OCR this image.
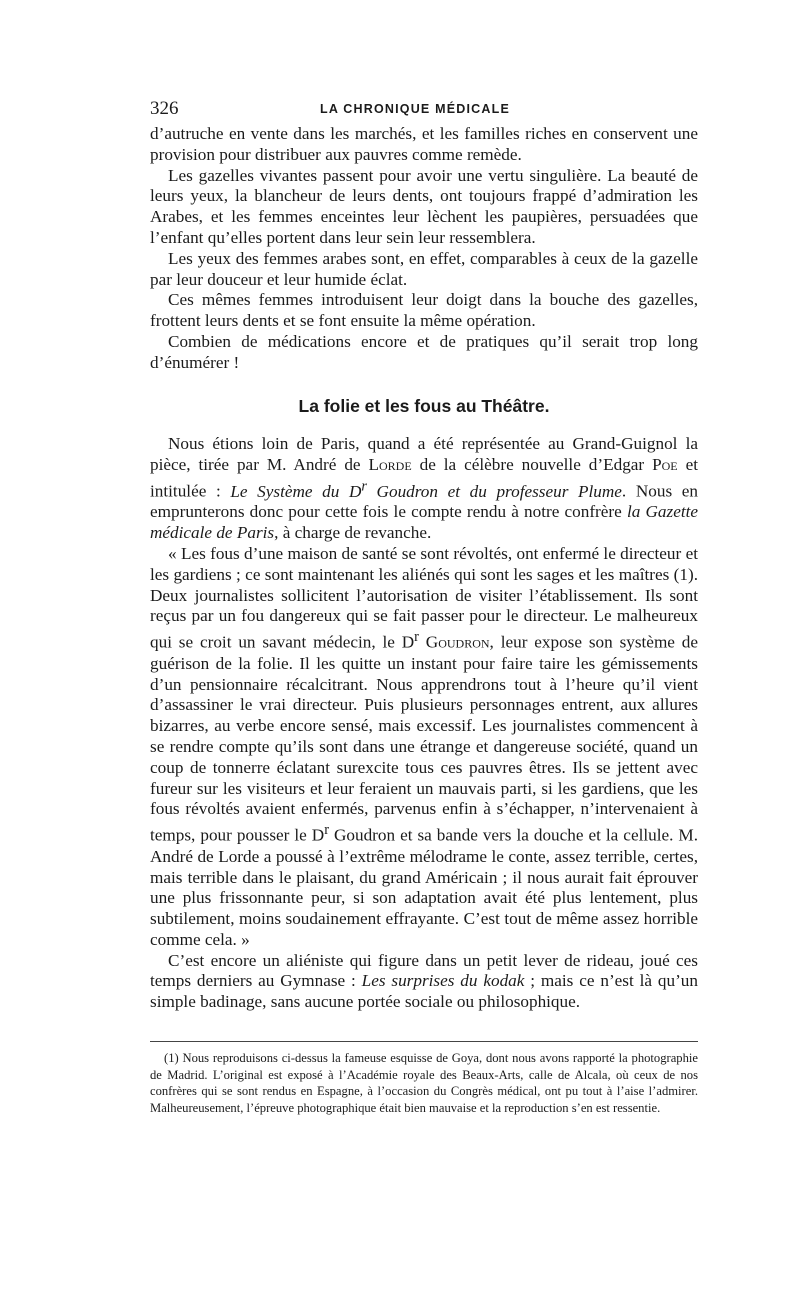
326	LA CHRONIQUE MÉDICALE

d’autruche en vente dans les marchés, et les familles riches en conservent une provision pour distribuer aux pauvres comme remède.

Les gazelles vivantes passent pour avoir une vertu singulière. La beauté de leurs yeux, la blancheur de leurs dents, ont toujours frappé d’admiration les Arabes, et les femmes enceintes leur lèchent les paupières, persuadées que l’enfant qu’elles portent dans leur sein leur ressemblera.

Les yeux des femmes arabes sont, en effet, comparables à ceux de la gazelle par leur douceur et leur humide éclat.

Ces mêmes femmes introduisent leur doigt dans la bouche des gazelles, frottent leurs dents et se font ensuite la même opération.

Combien de médications encore et de pratiques qu’il serait trop long d’énumérer !

La folie et les fous au Théâtre.

Nous étions loin de Paris, quand a été représentée au Grand-Guignol la pièce, tirée par M. André de Lorde de la célèbre nouvelle d’Edgar Poe et intitulée : Le Système du $D^r$ Goudron et du professeur Plume. Nous en emprunterons donc pour cette fois le compte rendu à notre confrère la Gazette médicale de Paris, à charge de revanche.

« Les fous d’une maison de santé se sont révoltés, ont enfermé le directeur et les gardiens ; ce sont maintenant les aliénés qui sont les sages et les maîtres (1). Deux journalistes sollicitent l’autorisation de visiter l’établissement. Ils sont reçus par un fou dangereux qui se fait passer pour le directeur. Le malheureux qui se croit un savant médecin, le $D^r$ Goudron, leur expose son système de guérison de la folie. Il les quitte un instant pour faire taire les gémissements d’un pensionnaire récalcitrant. Nous apprendrons tout à l’heure qu’il vient d’assassiner le vrai directeur. Puis plusieurs personnages entrent, aux allures bizarres, au verbe encore sensé, mais excessif. Les journalistes commencent à se rendre compte qu’ils sont dans une étrange et dangereuse société, quand un coup de tonnerre éclatant surexcite tous ces pauvres êtres. Ils se jettent avec fureur sur les visiteurs et leur feraient un mauvais parti, si les gardiens, que les fous révoltés avaient enfermés, parvenus enfin à s’échapper, n’intervenaient à temps, pour pousser le $D^r$ Goudron et sa bande vers la douche et la cellule. M. André de Lorde a poussé à l’extrême mélodrame le conte, assez terrible, certes, mais terrible dans le plaisant, du grand Américain ; il nous aurait fait éprouver une plus frissonnante peur, si son adaptation avait été plus lentement, plus subtilement, moins soudainement effrayante. C’est tout de même assez horrible comme cela. »

C’est encore un aliéniste qui figure dans un petit lever de rideau, joué ces temps derniers au Gymnase : Les surprises du kodak ; mais ce n’est là qu’un simple badinage, sans aucune portée sociale ou philosophique.

(1) Nous reproduisons ci-dessus la fameuse esquisse de Goya, dont nous avons rapporté la photographie de Madrid. L’original est exposé à l’Académie royale des Beaux-Arts, calle de Alcala, où ceux de nos confrères qui se sont rendus en Espagne, à l’occasion du Congrès médical, ont pu tout à l’aise l’admirer. Malheureusement, l’épreuve photographique était bien mauvaise et la reproduction s’en est ressentie.
